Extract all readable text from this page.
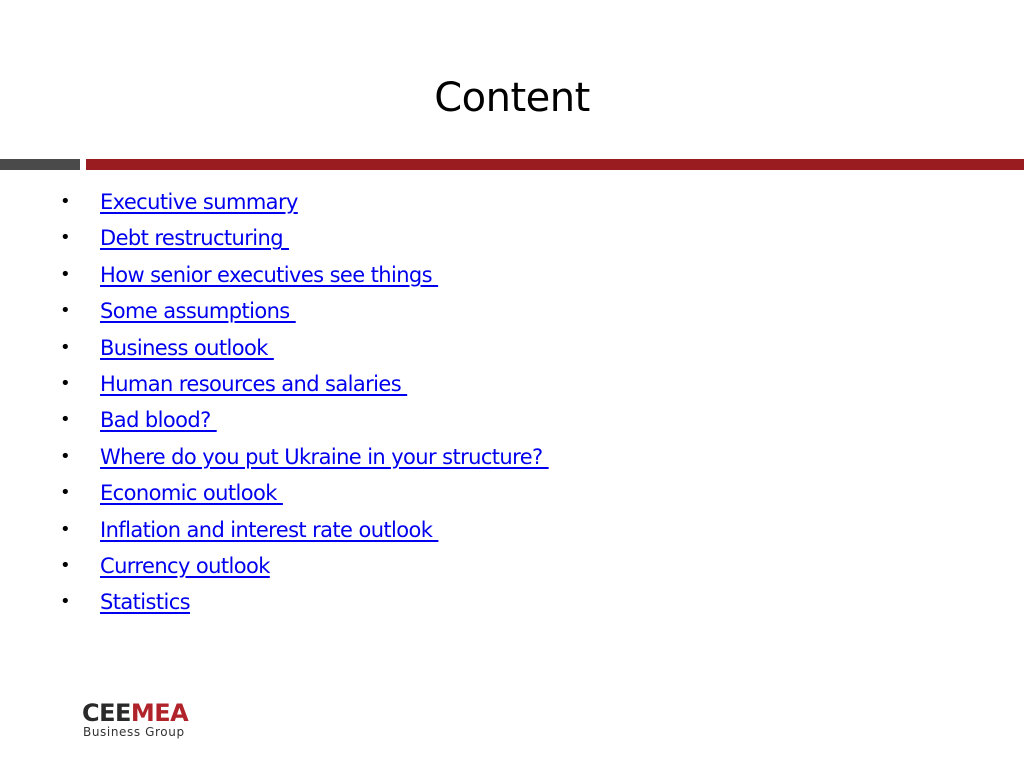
Content
• Executive summary
• Debt restructuring
• How senior executives see things
• Some assumptions
• Business outlook
• Human resources and salaries
• Bad blood?
• Where do you put Ukraine in your structure?
• Economic outlook
• Inflation and interest rate outlook
• Currency outlook
• Statistics
CEEMEA
Business Group
